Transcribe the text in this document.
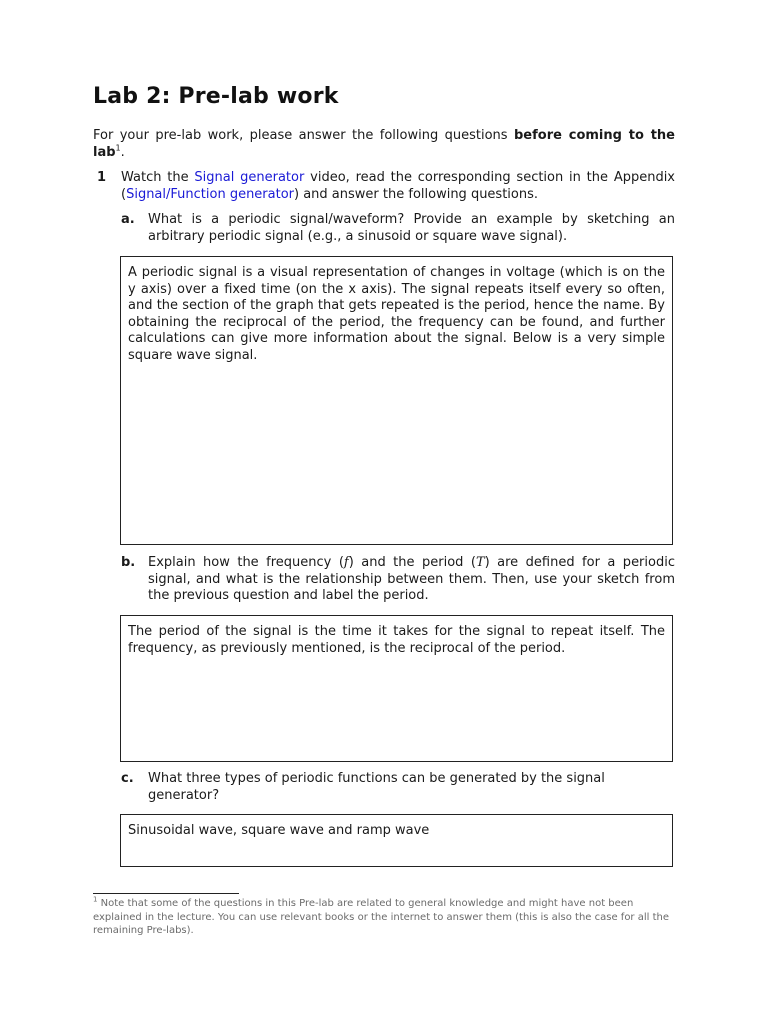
Lab 2: Pre-lab work
For your pre-lab work, please answer the following questions before coming to the lab$^1$.
1 Watch the Signal generator video, read the corresponding section in the Appendix (Signal/Function generator) and answer the following questions.
a. What is a periodic signal/waveform? Provide an example by sketching an arbitrary periodic signal (e.g., a sinusoid or square wave signal).
A periodic signal is a visual representation of changes in voltage (which is on the y axis) over a fixed time (on the x axis). The signal repeats itself every so often, and the section of the graph that gets repeated is the period, hence the name. By obtaining the reciprocal of the period, the frequency can be found, and further calculations can give more information about the signal. Below is a very simple square wave signal.
b. Explain how the frequency (f) and the period (T) are defined for a periodic signal, and what is the relationship between them. Then, use your sketch from the previous question and label the period.
The period of the signal is the time it takes for the signal to repeat itself. The frequency, as previously mentioned, is the reciprocal of the period.
c. What three types of periodic functions can be generated by the signal generator?
Sinusoidal wave, square wave and ramp wave
$^1$ Note that some of the questions in this Pre-lab are related to general knowledge and might have not been explained in the lecture. You can use relevant books or the internet to answer them (this is also the case for all the remaining Pre-labs).
